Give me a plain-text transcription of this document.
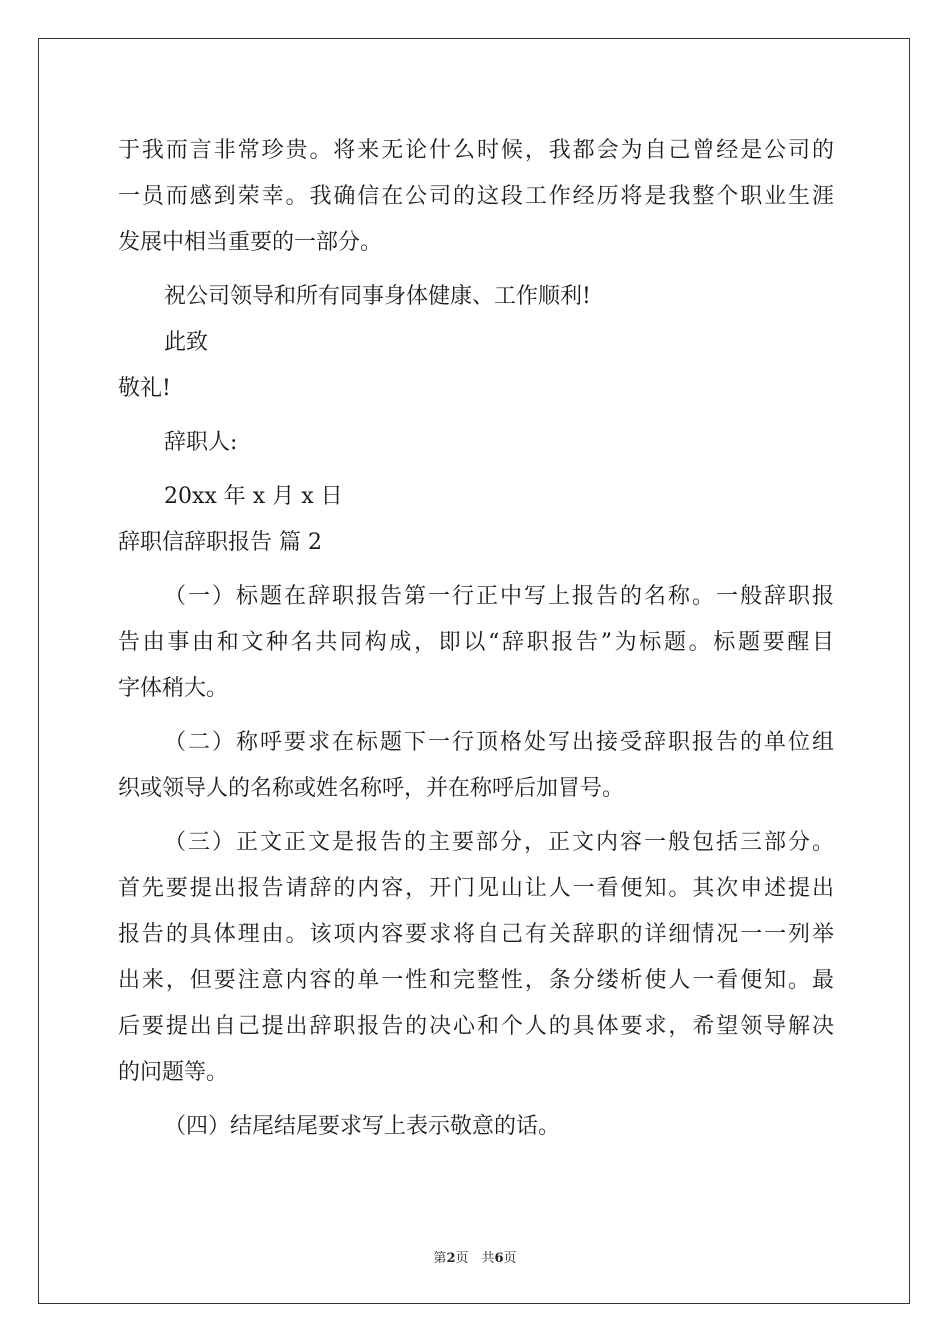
于我而言非常珍贵。将来无论什么时候，我都会为自己曾经是公司的
一员而感到荣幸。我确信在公司的这段工作经历将是我整个职业生涯
发展中相当重要的一部分。
祝公司领导和所有同事身体健康、工作顺利!
此致
敬礼!
辞职人:
20xx 年 x 月 x 日
辞职信辞职报告 篇 2
（一）标题在辞职报告第一行正中写上报告的名称。一般辞职报
告由事由和文种名共同构成，即以“辞职报告”为标题。标题要醒目
字体稍大。
（二）称呼要求在标题下一行顶格处写出接受辞职报告的单位组
织或领导人的名称或姓名称呼，并在称呼后加冒号。
（三）正文正文是报告的主要部分，正文内容一般包括三部分。
首先要提出报告请辞的内容，开门见山让人一看便知。其次申述提出
报告的具体理由。该项内容要求将自己有关辞职的详细情况一一列举
出来，但要注意内容的单一性和完整性，条分缕析使人一看便知。最
后要提出自己提出辞职报告的决心和个人的具体要求，希望领导解决
的问题等。
（四）结尾结尾要求写上表示敬意的话。
第2页　共6页
